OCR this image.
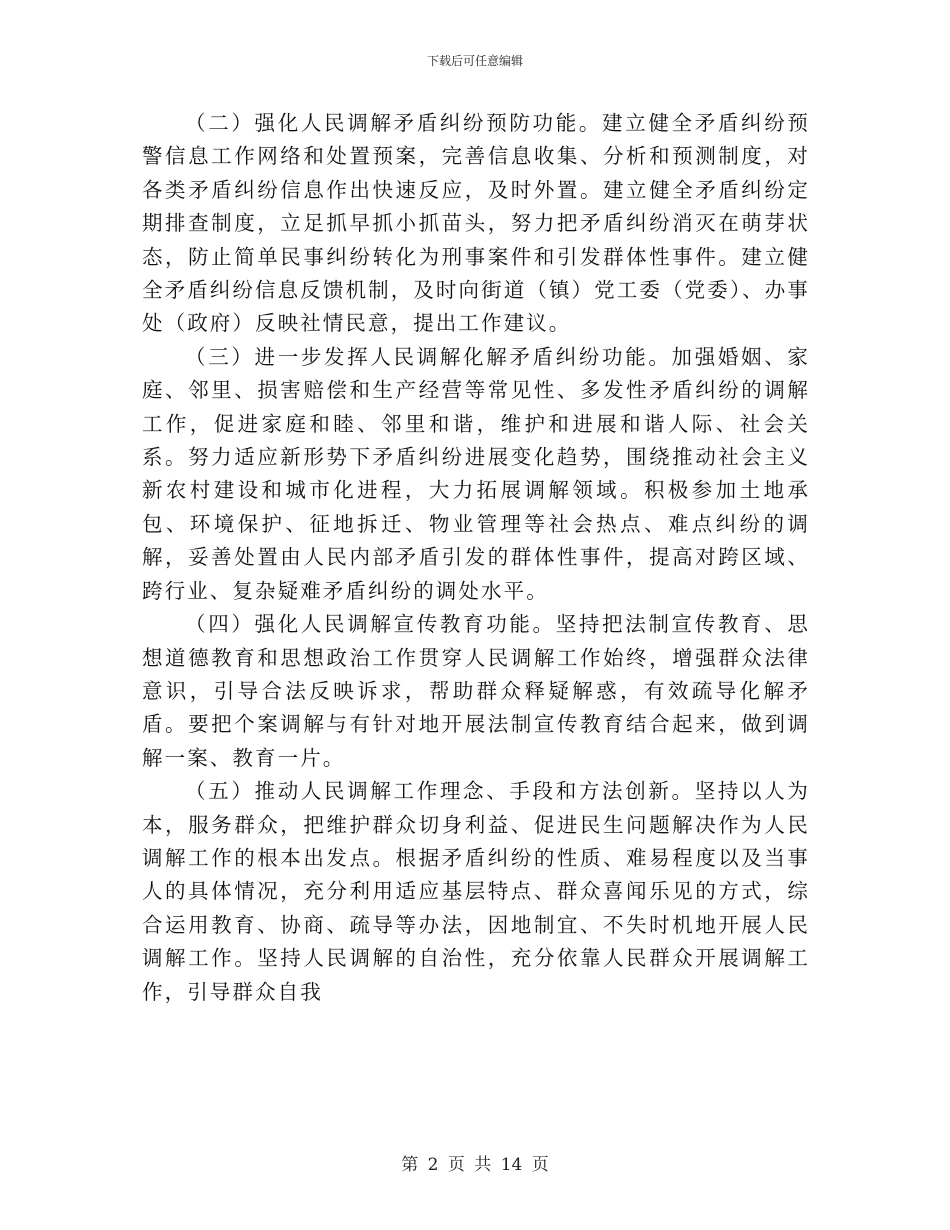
下载后可任意编辑

（二）强化人民调解矛盾纠纷预防功能。建立健全矛盾纠纷预警信息工作网络和处置预案，完善信息收集、分析和预测制度，对各类矛盾纠纷信息作出快速反应，及时外置。建立健全矛盾纠纷定期排查制度，立足抓早抓小抓苗头，努力把矛盾纠纷消灭在萌芽状态，防止简单民事纠纷转化为刑事案件和引发群体性事件。建立健全矛盾纠纷信息反馈机制，及时向街道（镇）党工委（党委）、办事处（政府）反映社情民意，提出工作建议。

（三）进一步发挥人民调解化解矛盾纠纷功能。加强婚姻、家庭、邻里、损害赔偿和生产经营等常见性、多发性矛盾纠纷的调解工作，促进家庭和睦、邻里和谐，维护和进展和谐人际、社会关系。努力适应新形势下矛盾纠纷进展变化趋势，围绕推动社会主义新农村建设和城市化进程，大力拓展调解领域。积极参加土地承包、环境保护、征地拆迁、物业管理等社会热点、难点纠纷的调解，妥善处置由人民内部矛盾引发的群体性事件，提高对跨区域、跨行业、复杂疑难矛盾纠纷的调处水平。

（四）强化人民调解宣传教育功能。坚持把法制宣传教育、思想道德教育和思想政治工作贯穿人民调解工作始终，增强群众法律意识，引导合法反映诉求，帮助群众释疑解惑，有效疏导化解矛盾。要把个案调解与有针对地开展法制宣传教育结合起来，做到调解一案、教育一片。

（五）推动人民调解工作理念、手段和方法创新。坚持以人为本，服务群众，把维护群众切身利益、促进民生问题解决作为人民调解工作的根本出发点。根据矛盾纠纷的性质、难易程度以及当事人的具体情况，充分利用适应基层特点、群众喜闻乐见的方式，综合运用教育、协商、疏导等办法，因地制宜、不失时机地开展人民调解工作。坚持人民调解的自治性，充分依靠人民群众开展调解工作，引导群众自我

第 2 页 共 14 页
